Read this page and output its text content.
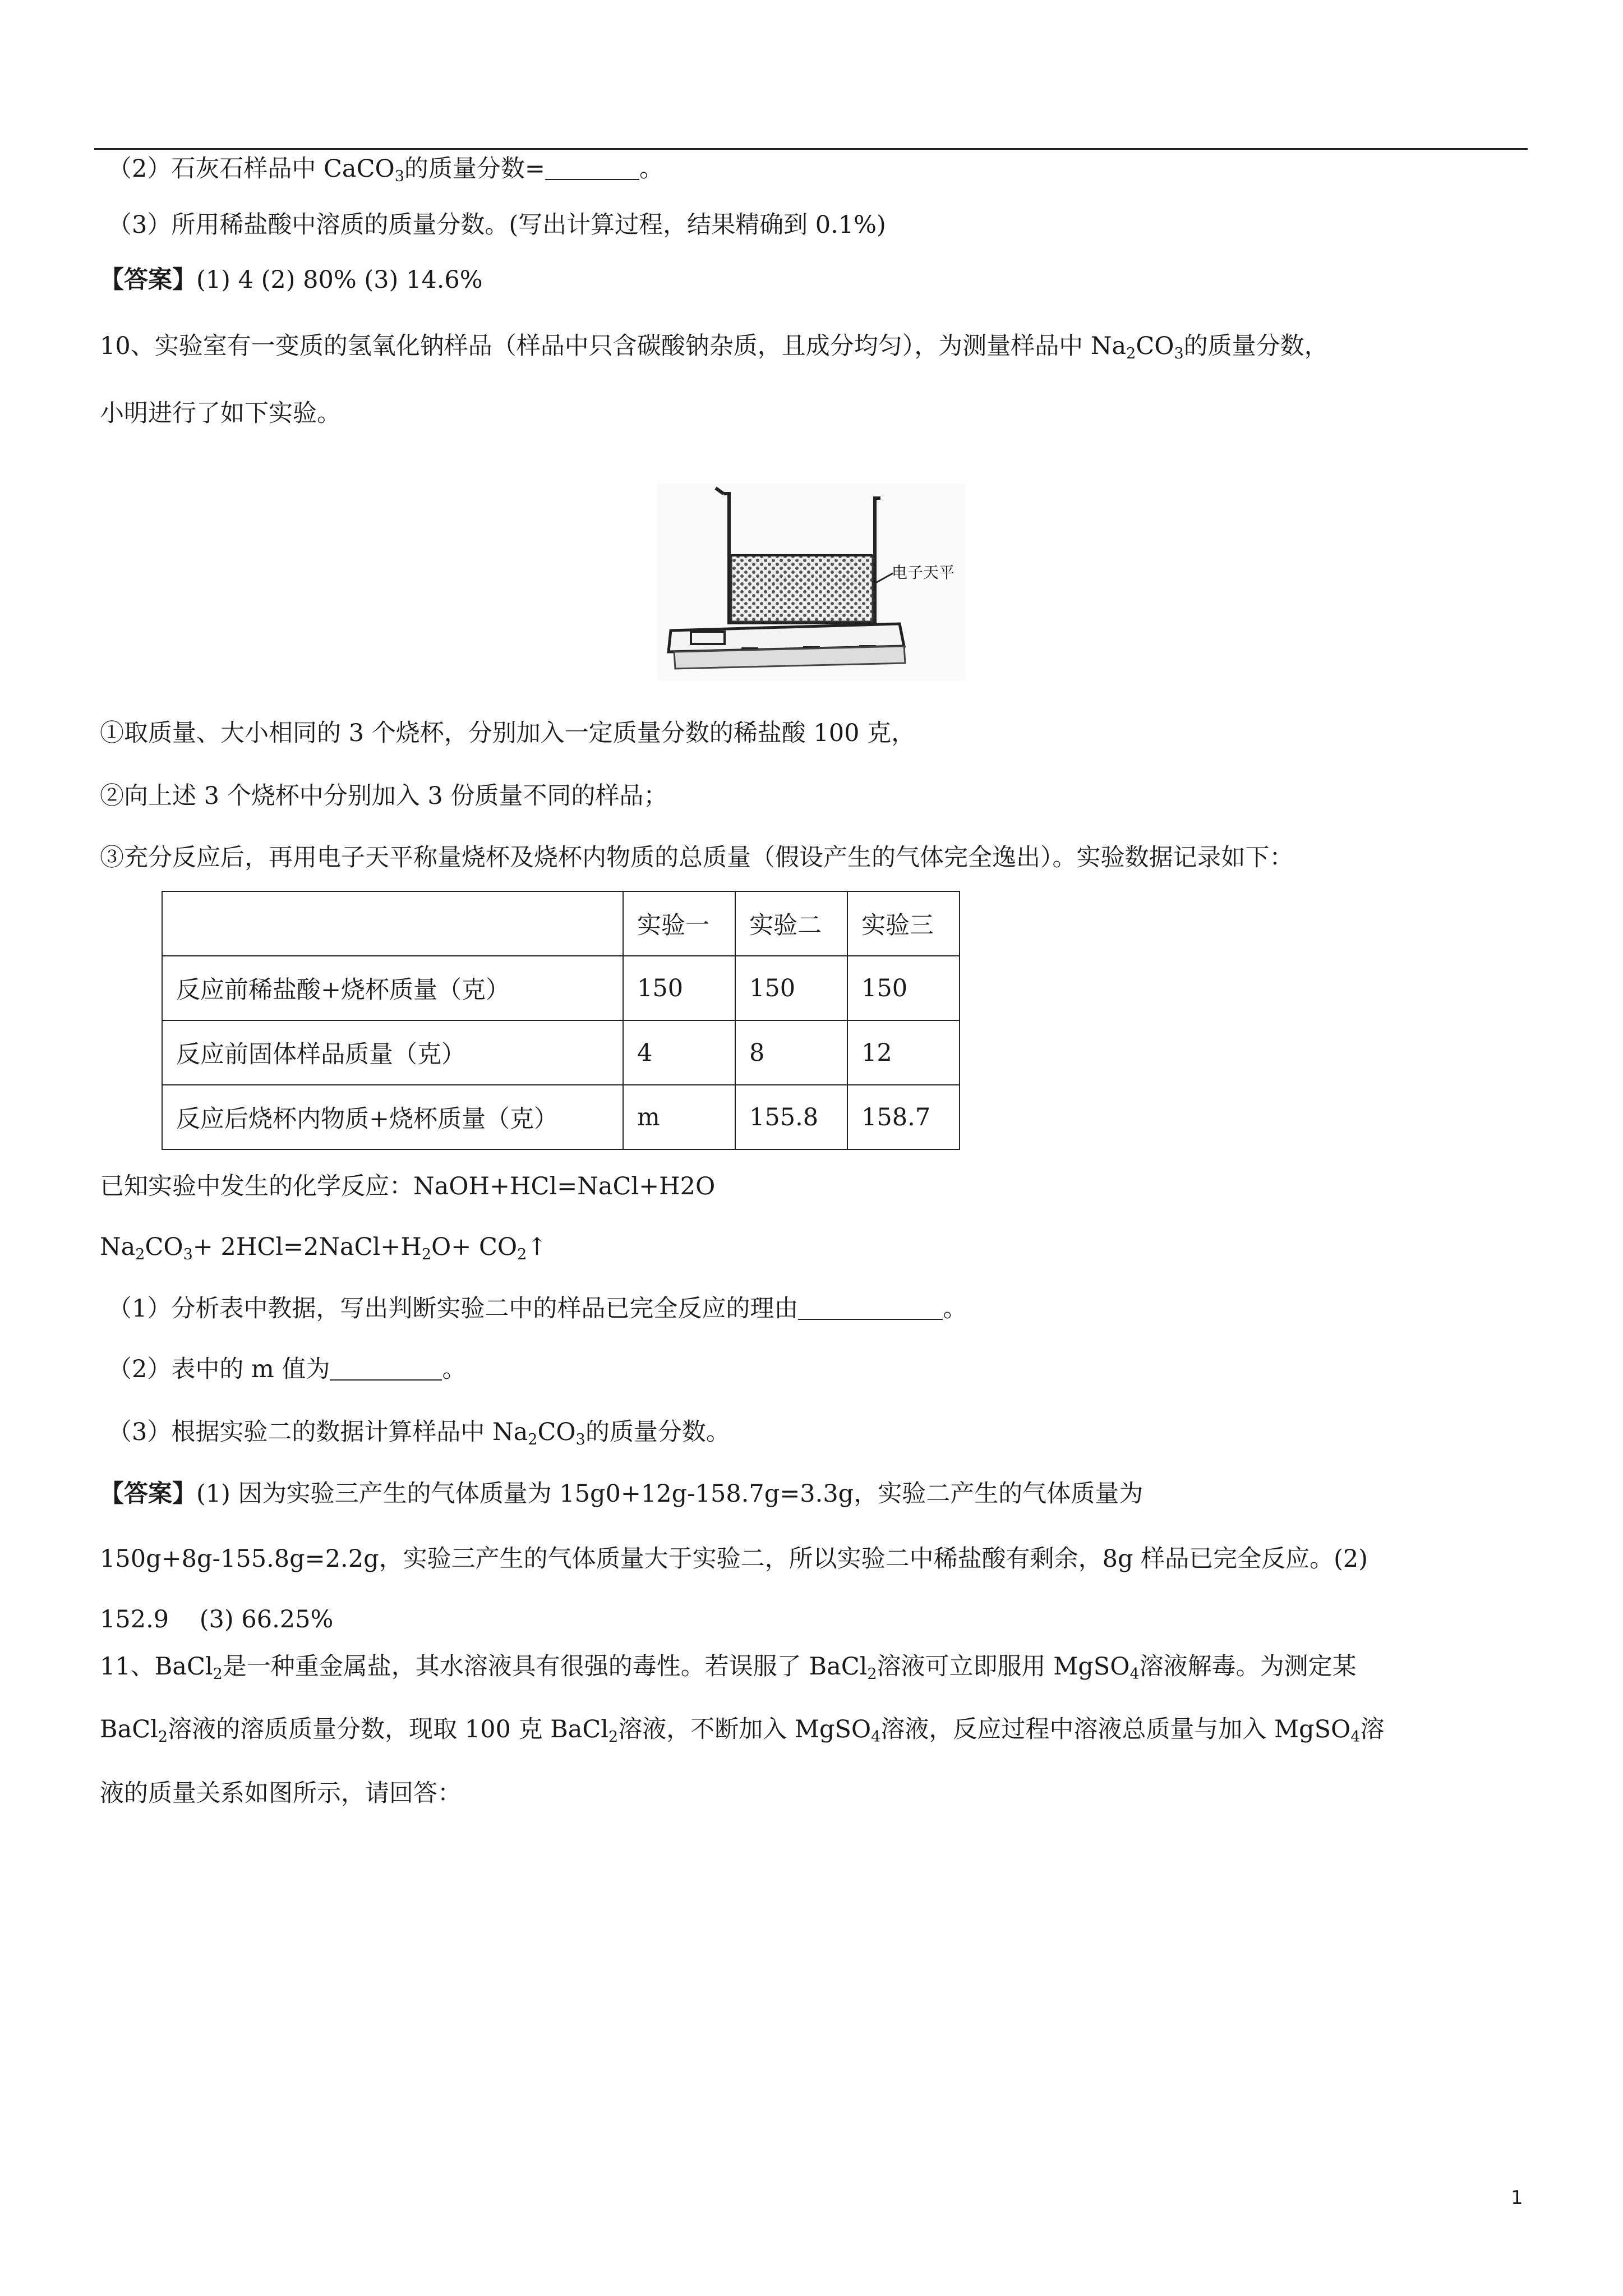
（2）石灰石样品中 CaCO$_3$的质量分数=	。
（3）所用稀盐酸中溶质的质量分数。(写出计算过程，结果精确到 0.1%)
【答案】(1) 4 (2) 80% (3) 14.6%
10、实验室有一变质的氢氧化钠样品（样品中只含碳酸钠杂质，且成分均匀），为测量样品中 $Na_2CO_3$的质量分数，
小明进行了如下实验。
电子天平
①取质量、大小相同的 3 个烧杯，分别加入一定质量分数的稀盐酸 100 克，
②向上述 3 个烧杯中分别加入 3 份质量不同的样品；
③充分反应后，再用电子天平称量烧杯及烧杯内物质的总质量（假设产生的气体完全逸出）。实验数据记录如下：
	实验一	实验二	实验三
反应前稀盐酸+烧杯质量（克）	150	150	150
反应前固体样品质量（克）	4	8	12
反应后烧杯内物质+烧杯质量（克）	m	155.8	158.7
已知实验中发生的化学反应：NaOH+HCl=NaCl+H2O
$Na_2CO_3+$ $2HCl=2NaCl+H_2O+$ $CO_2↑$
（1）分析表中教据，写出判断实验二中的样品已完全反应的理由	。
（2）表中的 m 值为	。
（3）根据实验二的数据计算样品中 $Na_2CO_3$的质量分数。
【答案】(1) 因为实验三产生的气体质量为 15g0+12g-158.7g=3.3g，实验二产生的气体质量为
150g+8g-155.8g=2.2g，实验三产生的气体质量大于实验二，所以实验二中稀盐酸有剩余，8g 样品已完全反应。(2)
152.9    (3) 66.25%
11、BaCl$_2$是一种重金属盐，其水溶液具有很强的毒性。若误服了 BaCl$_2$溶液可立即服用 MgSO$_4$溶液解毒。为测定某
BaCl$_2$溶液的溶质质量分数，现取 100 克 BaCl$_2$溶液，不断加入 MgSO$_4$溶液，反应过程中溶液总质量与加入 MgSO$_4$溶
液的质量关系如图所示，请回答：
1
